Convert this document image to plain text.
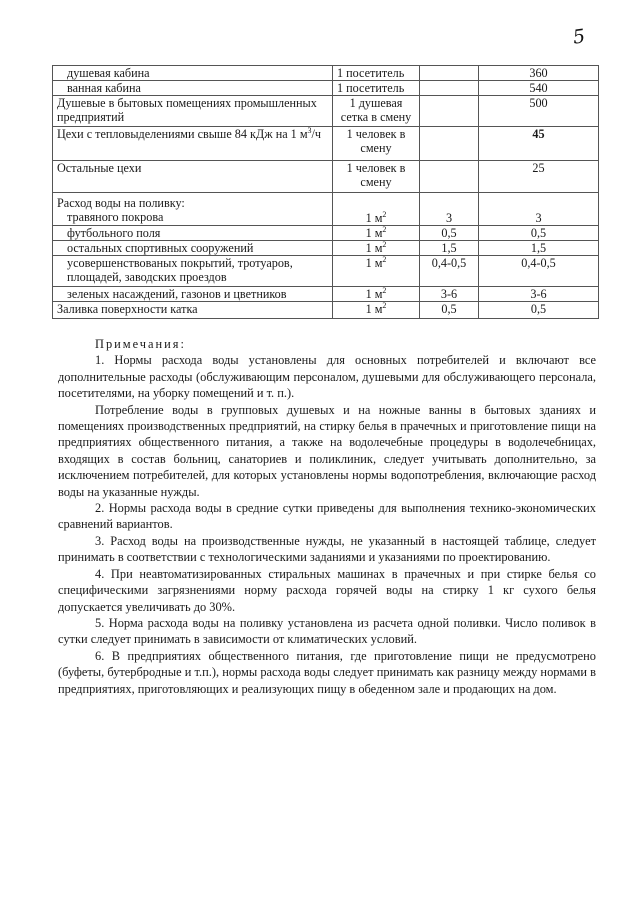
5
душевая кабина	1 посетитель		360
ванная кабина	1 посетитель		540
Душевые в бытовых помещениях промышленных предприятий	1 душевая сетка в смену		500
Цехи с тепловыделениями свыше 84 кДж на 1 $м^3/ч$	1 человек в смену		45
Остальные цехи	1 человек в смену		25
Расход воды на поливку:
травяного покрова	1 $м^2$	3	3
футбольного поля	1 $м^2$	0,5	0,5
остальных спортивных сооружений	1 $м^2$	1,5	1,5
усовершенствованых покрытий, тротуаров, площадей, заводских проездов	1 $м^2$	0,4-0,5	0,4-0,5
зеленых насаждений, газонов и цветников	1 $м^2$	3-6	3-6
Заливка поверхности катка	1 $м^2$	0,5	0,5

Примечания:

1. Нормы расхода воды установлены для основных потребителей и включают все дополнительные расходы (обслуживающим персоналом, душевыми для обслуживающего персонала, посетителями, на уборку помещений и т. п.).

Потребление воды в групповых душевых и на ножные ванны в бытовых зданиях и помещениях производственных предприятий, на стирку белья в прачечных и приготовление пищи на предприятиях общественного питания, а также на водолечебные процедуры в водолечебницах, входящих в состав больниц, санаториев и поликлиник, следует учитывать дополнительно, за исключением потребителей, для которых установлены нормы водопотребления, включающие расход воды на указанные нужды.

2. Нормы расхода воды в средние сутки приведены для выполнения технико-экономических сравнений вариантов.

3. Расход воды на производственные нужды, не указанный в настоящей таблице, следует принимать в соответствии с технологическими заданиями и указаниями по проектированию.

4. При неавтоматизированных стиральных машинах в прачечных и при стирке белья со специфическими загрязнениями норму расхода горячей воды на стирку 1 кг сухого белья допускается увеличивать до 30%.

5. Норма расхода воды на поливку установлена из расчета одной поливки. Число поливок в сутки следует принимать в зависимости от климатических условий.

6. В предприятиях общественного питания, где приготовление пищи не предусмотрено (буфеты, бутербродные и т.п.), нормы расхода воды следует принимать как разницу между нормами в предприятиях, приготовляющих и реализующих пищу в обеденном зале и продающих на дом.
